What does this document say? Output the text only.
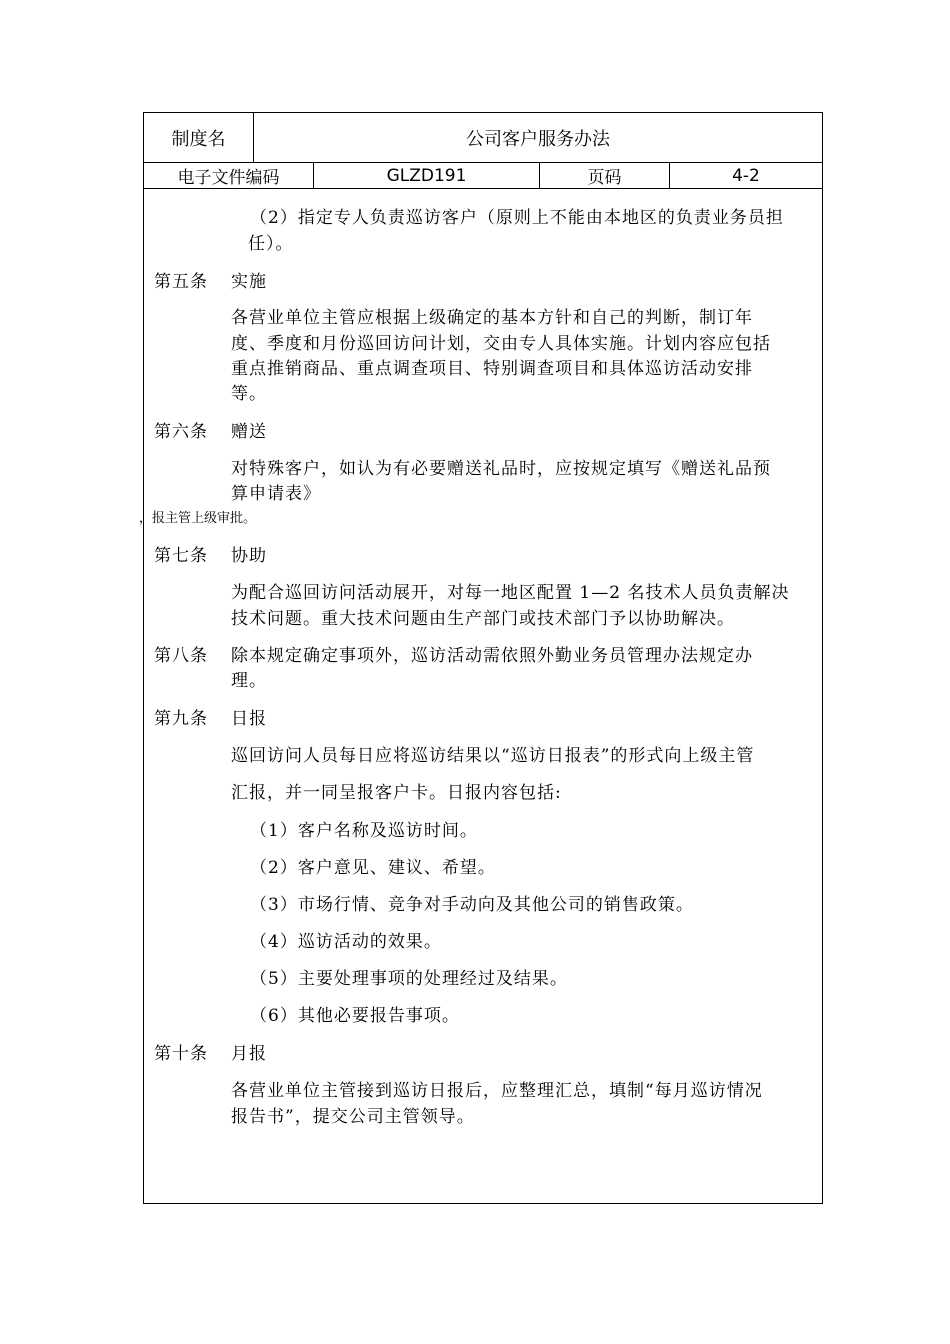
制度名	公司客户服务办法
电子文件编码	GLZD191	页码	4-2
（2）指定专人负责巡访客户（原则上不能由本地区的负责业务员担
任）。
第五条 实施
各营业单位主管应根据上级确定的基本方针和自己的判断，制订年
度、季度和月份巡回访问计划，交由专人具体实施。计划内容应包括
重点推销商品、重点调查项目、特别调查项目和具体巡访活动安排
等。
第六条 赠送
对特殊客户，如认为有必要赠送礼品时，应按规定填写《赠送礼品预
算申请表》
，报主管上级审批。
第七条 协助
为配合巡回访问活动展开，对每一地区配置 1—2 名技术人员负责解决
技术问题。重大技术问题由生产部门或技术部门予以协助解决。
第八条 除本规定确定事项外，巡访活动需依照外勤业务员管理办法规定办
理。
第九条 日报
巡回访问人员每日应将巡访结果以“巡访日报表”的形式向上级主管
汇报，并一同呈报客户卡。日报内容包括:
（1）客户名称及巡访时间。
（2）客户意见、建议、希望。
（3）市场行情、竞争对手动向及其他公司的销售政策。
（4）巡访活动的效果。
（5）主要处理事项的处理经过及结果。
（6）其他必要报告事项。
第十条 月报
各营业单位主管接到巡访日报后，应整理汇总，填制“每月巡访情况
报告书”，提交公司主管领导。
